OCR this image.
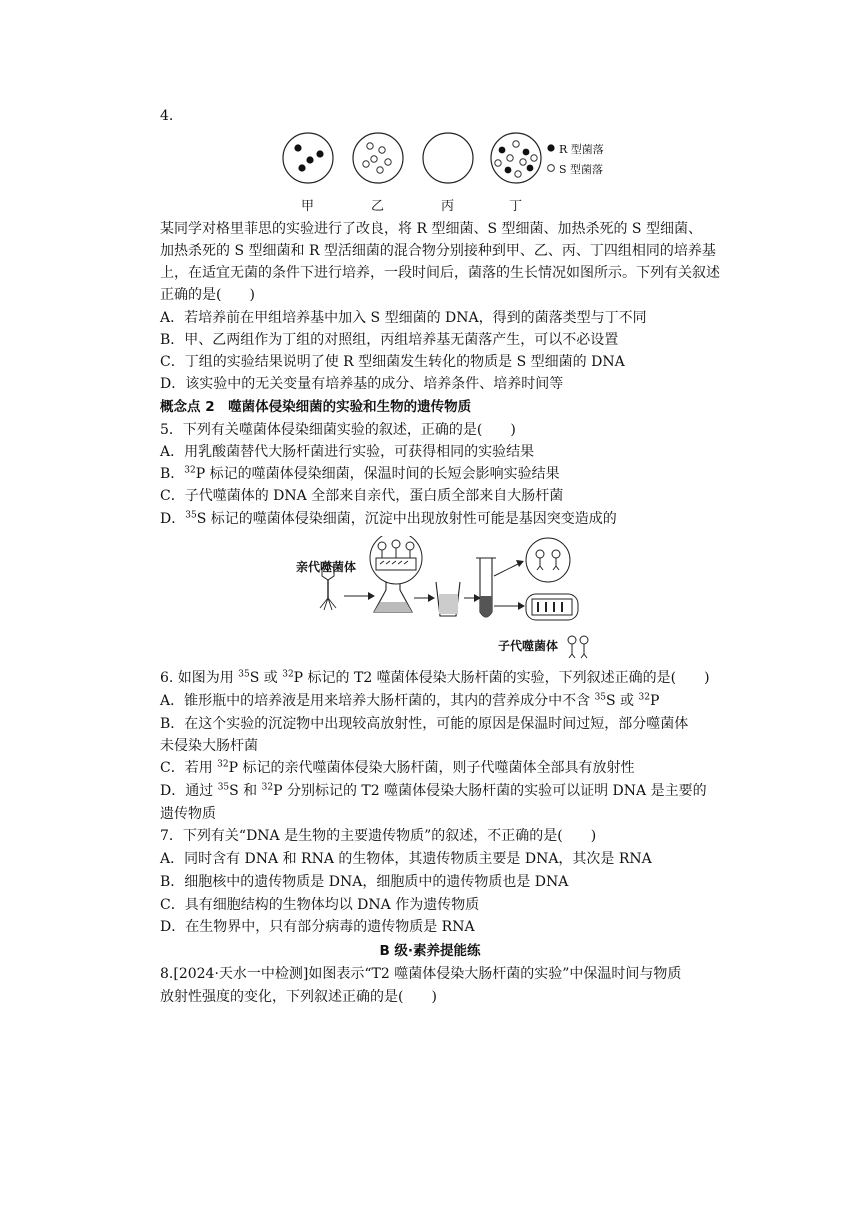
4.
R 型菌落
S 型菌落
甲	乙	丙	丁
某同学对格里菲思的实验进行了改良，将 R 型细菌、S 型细菌、加热杀死的 S 型细菌、
加热杀死的 S 型细菌和 R 型活细菌的混合物分别接种到甲、乙、丙、丁四组相同的培养基
上，在适宜无菌的条件下进行培养，一段时间后，菌落的生长情况如图所示。下列有关叙述
正确的是(　　)
A．若培养前在甲组培养基中加入 S 型细菌的 DNA，得到的菌落类型与丁不同
B．甲、乙两组作为丁组的对照组，丙组培养基无菌落产生，可以不必设置
C．丁组的实验结果说明了使 R 型细菌发生转化的物质是 S 型细菌的 DNA
D．该实验中的无关变量有培养基的成分、培养条件、培养时间等
概念点 2　噬菌体侵染细菌的实验和生物的遗传物质
5．下列有关噬菌体侵染细菌实验的叙述，正确的是(　　)
A．用乳酸菌替代大肠杆菌进行实验，可获得相同的实验结果
B．$^{32}$P 标记的噬菌体侵染细菌，保温时间的长短会影响实验结果
C．子代噬菌体的 DNA 全部来自亲代，蛋白质全部来自大肠杆菌
D．$^{35}$S 标记的噬菌体侵染细菌，沉淀中出现放射性可能是基因突变造成的
亲代噬菌体
子代噬菌体
6. 如图为用 $^{35}$S 或 $^{32}$P 标记的 T2 噬菌体侵染大肠杆菌的实验，下列叙述正确的是(　　)
A．锥形瓶中的培养液是用来培养大肠杆菌的，其内的营养成分中不含 $^{35}$S 或 $^{32}$P
B．在这个实验的沉淀物中出现较高放射性，可能的原因是保温时间过短，部分噬菌体
未侵染大肠杆菌
C．若用 $^{32}$P 标记的亲代噬菌体侵染大肠杆菌，则子代噬菌体全部具有放射性
D．通过 $^{35}$S 和 $^{32}$P 分别标记的 T2 噬菌体侵染大肠杆菌的实验可以证明 DNA 是主要的
遗传物质
7．下列有关“DNA 是生物的主要遗传物质”的叙述，不正确的是(　　)
A．同时含有 DNA 和 RNA 的生物体，其遗传物质主要是 DNA，其次是 RNA
B．细胞核中的遗传物质是 DNA，细胞质中的遗传物质也是 DNA
C．具有细胞结构的生物体均以 DNA 作为遗传物质
D．在生物界中，只有部分病毒的遗传物质是 RNA
B 级·素养提能练
8.[2024·天水一中检测]如图表示“T2 噬菌体侵染大肠杆菌的实验”中保温时间与物质
放射性强度的变化，下列叙述正确的是(　　)
